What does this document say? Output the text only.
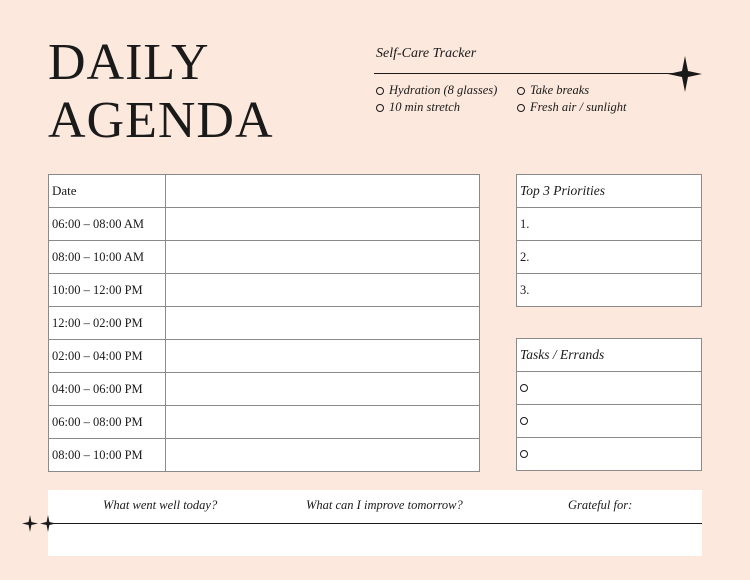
DAILY
AGENDA
Self-Care Tracker
Hydration (8 glasses)	Take breaks
10 min stretch	Fresh air / sunlight
Date	
06:00 – 08:00 AM	
08:00 – 10:00 AM	
10:00 – 12:00 PM	
12:00 – 02:00 PM	
02:00 – 04:00 PM	
04:00 – 06:00 PM	
06:00 – 08:00 PM	
08:00 – 10:00 PM	
Top 3 Priorities
1.
2.
3.
Tasks / Errands

What went well today?	What can I improve tomorrow?	Grateful for:
